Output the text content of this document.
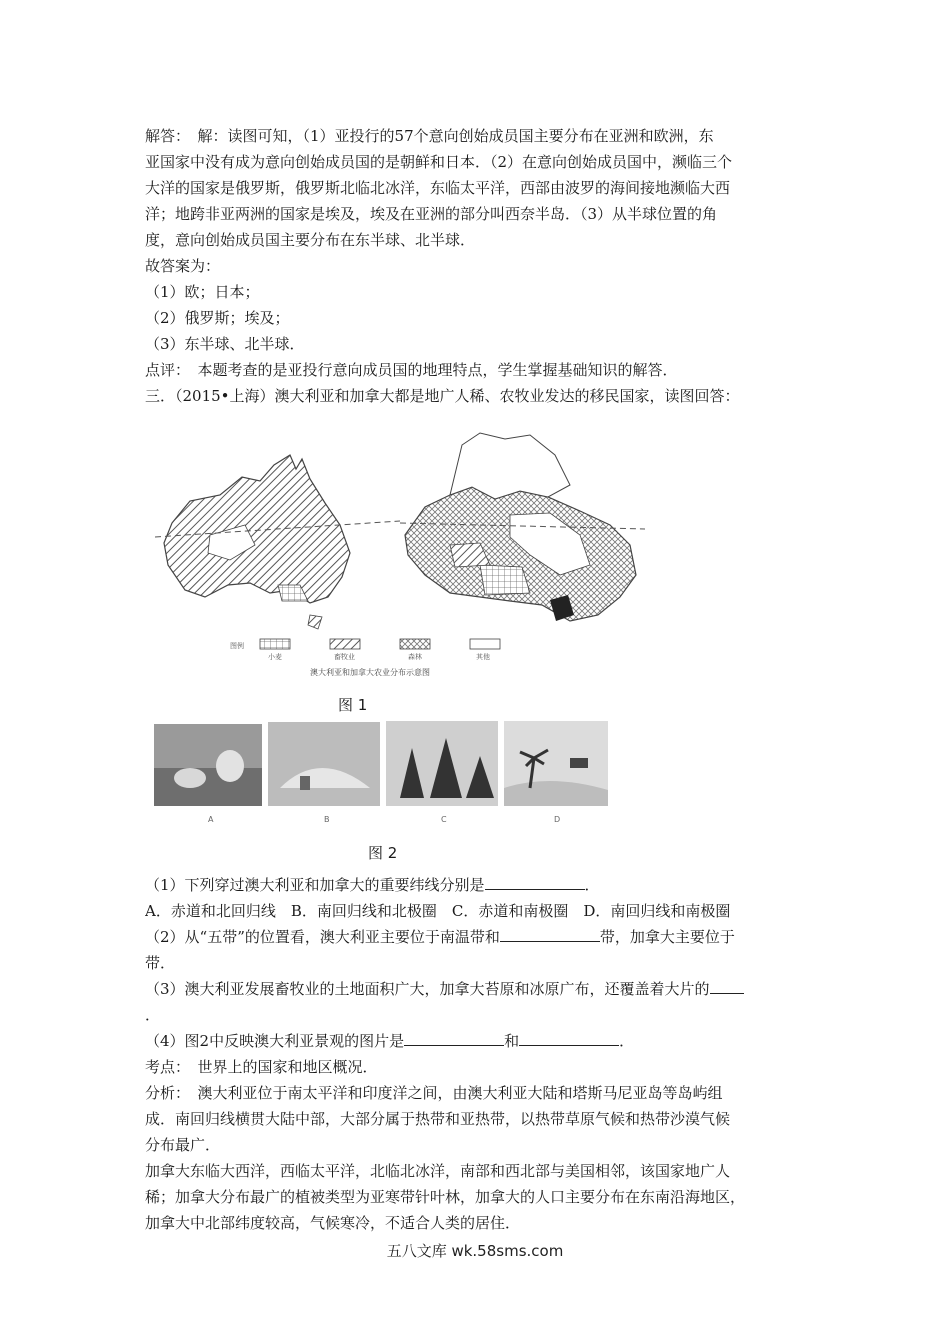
解答：　解：读图可知，（1）亚投行的57个意向创始成员国主要分布在亚洲和欧洲，东
亚国家中没有成为意向创始成员国的是朝鲜和日本．（2）在意向创始成员国中，濒临三个
大洋的国家是俄罗斯，俄罗斯北临北冰洋，东临太平洋，西部由波罗的海间接地濒临大西
洋；地跨非亚两洲的国家是埃及，埃及在亚洲的部分叫西奈半岛．（3）从半球位置的角
度，意向创始成员国主要分布在东半球、北半球．
故答案为：
（1）欧；日本；
（2）俄罗斯；埃及；
（3）东半球、北半球．
点评：　本题考查的是亚投行意向成员国的地理特点，学生掌握基础知识的解答．
三．（2015•上海）澳大利亚和加拿大都是地广人稀、农牧业发达的移民国家，读图回答：
图例
小麦	畜牧业	森林	其他
澳大利亚和加拿大农业分布示意图
图 1
A	B	C	D
图 2
（1）下列穿过澳大利亚和加拿大的重要纬线分别是	．
A．赤道和北回归线　B．南回归线和北极圈　C．赤道和南极圈　D．南回归线和南极圈
（2）从“五带”的位置看，澳大利亚主要位于南温带和	带，加拿大主要位于
带．
（3）澳大利亚发展畜牧业的土地面积广大，加拿大苔原和冰原广布，还覆盖着大片的
．
（4）图2中反映澳大利亚景观的图片是	和	．
考点：　世界上的国家和地区概况．
分析：　澳大利亚位于南太平洋和印度洋之间，由澳大利亚大陆和塔斯马尼亚岛等岛屿组
成．南回归线横贯大陆中部，大部分属于热带和亚热带，以热带草原气候和热带沙漠气候
分布最广．
加拿大东临大西洋，西临太平洋，北临北冰洋，南部和西北部与美国相邻，该国家地广人
稀；加拿大分布最广的植被类型为亚寒带针叶林，加拿大的人口主要分布在东南沿海地区，
加拿大中北部纬度较高，气候寒冷，不适合人类的居住．
五八文库 wk.58sms.com
